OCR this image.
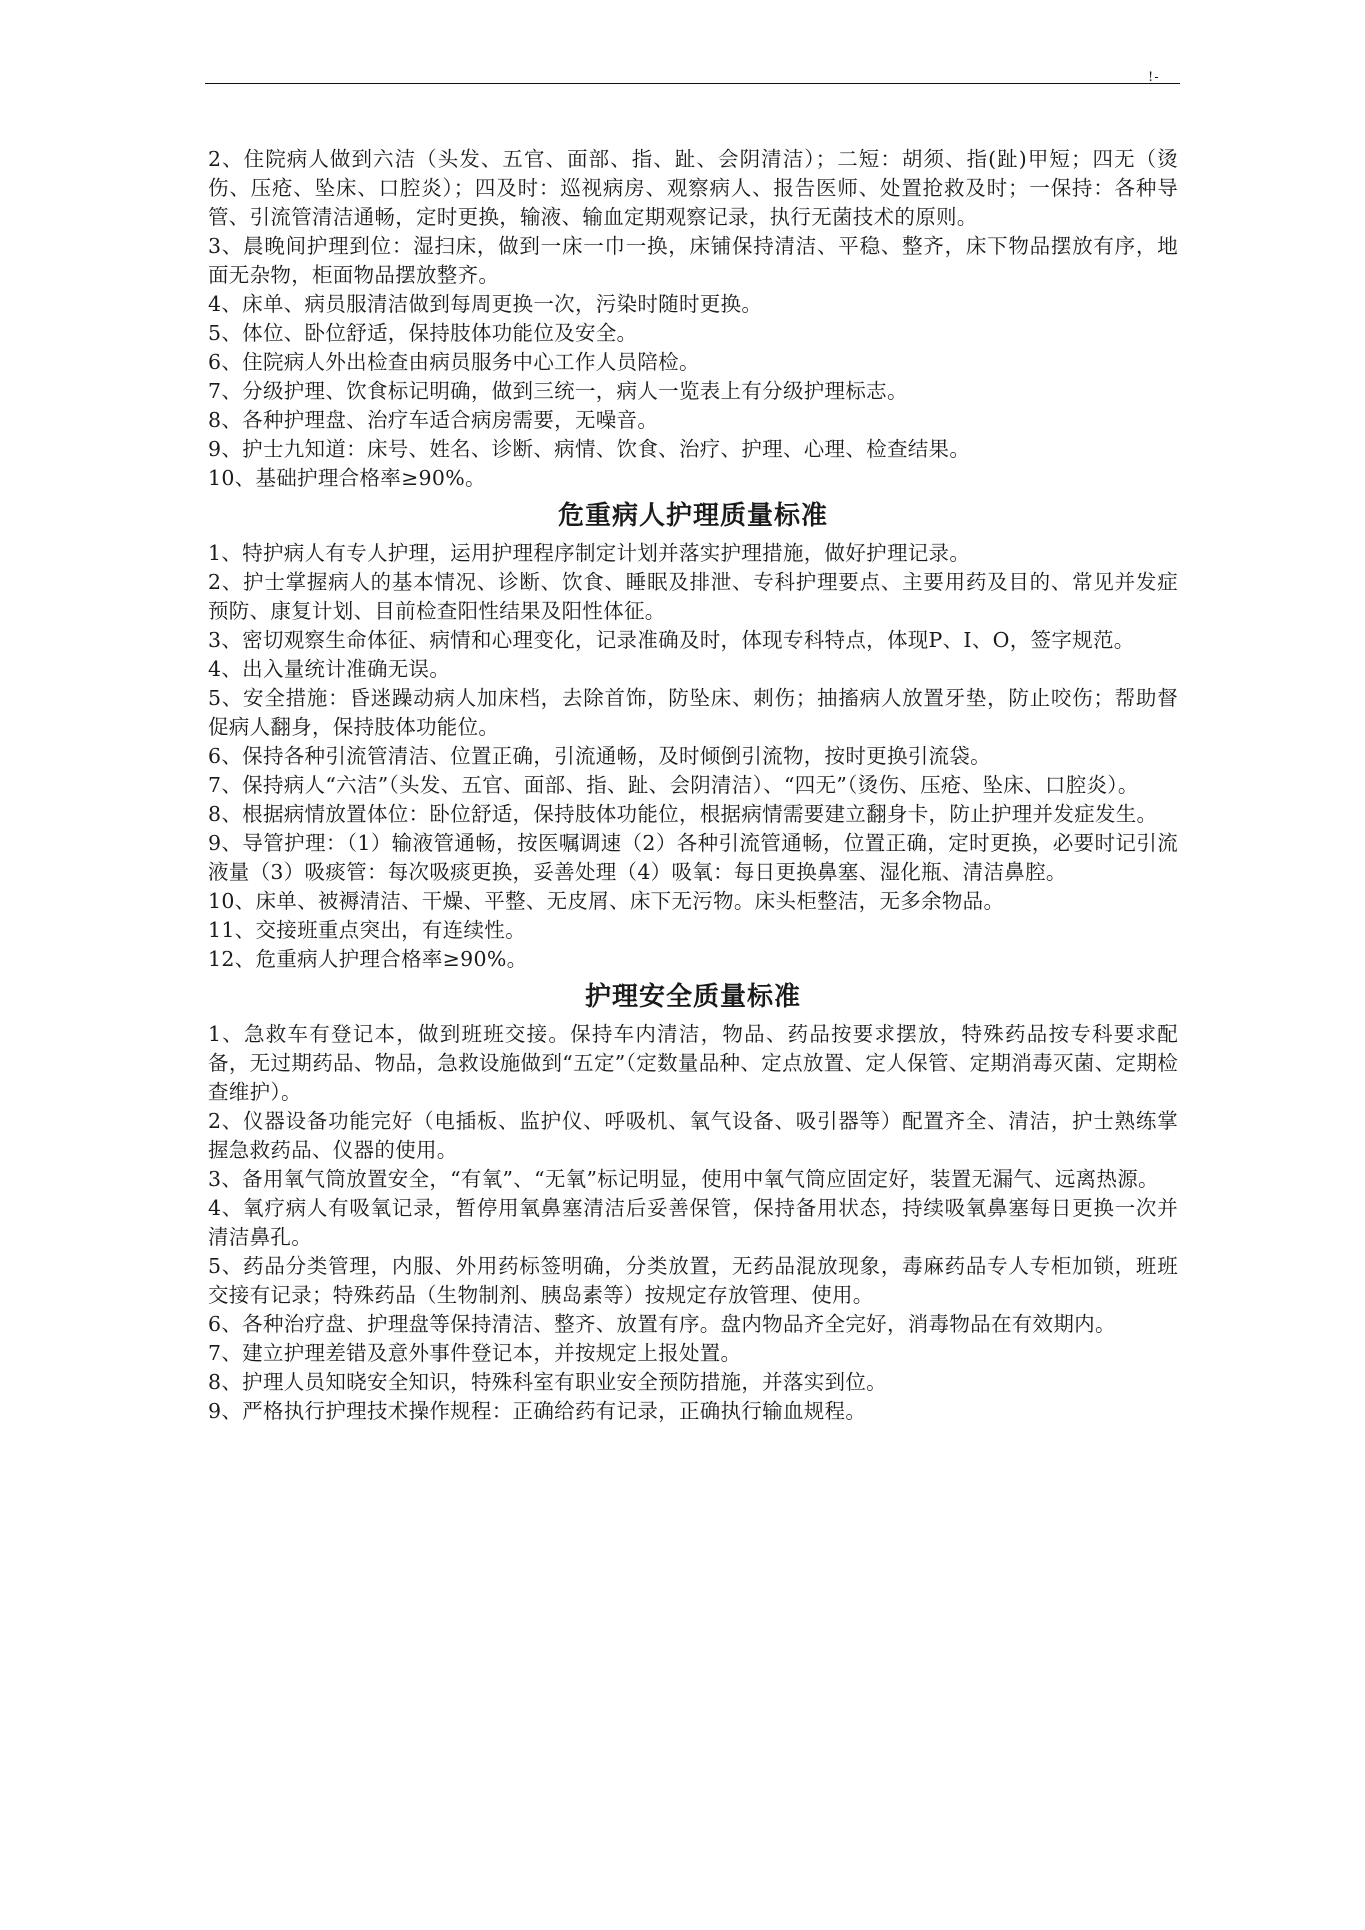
!-

2、住院病人做到六洁（头发、五官、面部、指、趾、会阴清洁）；二短：胡须、指(趾)甲短；四无（烫伤、压疮、坠床、口腔炎）；四及时：巡视病房、观察病人、报告医师、处置抢救及时；一保持：各种导管、引流管清洁通畅，定时更换，输液、输血定期观察记录，执行无菌技术的原则。

3、晨晚间护理到位：湿扫床，做到一床一巾一换，床铺保持清洁、平稳、整齐，床下物品摆放有序，地面无杂物，柜面物品摆放整齐。

4、床单、病员服清洁做到每周更换一次，污染时随时更换。

5、体位、卧位舒适，保持肢体功能位及安全。

6、住院病人外出检查由病员服务中心工作人员陪检。

7、分级护理、饮食标记明确，做到三统一，病人一览表上有分级护理标志。

8、各种护理盘、治疗车适合病房需要，无噪音。

9、护士九知道：床号、姓名、诊断、病情、饮食、治疗、护理、心理、检查结果。

10、基础护理合格率≥90%。

危重病人护理质量标准

1、特护病人有专人护理，运用护理程序制定计划并落实护理措施，做好护理记录。

2、护士掌握病人的基本情况、诊断、饮食、睡眠及排泄、专科护理要点、主要用药及目的、常见并发症预防、康复计划、目前检查阳性结果及阳性体征。

3、密切观察生命体征、病情和心理变化，记录准确及时，体现专科特点，体现P、I、O，签字规范。

4、出入量统计准确无误。

5、安全措施：昏迷躁动病人加床档，去除首饰，防坠床、刺伤；抽搐病人放置牙垫，防止咬伤；帮助督促病人翻身，保持肢体功能位。

6、保持各种引流管清洁、位置正确，引流通畅，及时倾倒引流物，按时更换引流袋。

7、保持病人“六洁”（头发、五官、面部、指、趾、会阴清洁）、“四无”（烫伤、压疮、坠床、口腔炎）。

8、根据病情放置体位：卧位舒适，保持肢体功能位，根据病情需要建立翻身卡，防止护理并发症发生。

9、导管护理：（1）输液管通畅，按医嘱调速（2）各种引流管通畅，位置正确，定时更换，必要时记引流液量（3）吸痰管：每次吸痰更换，妥善处理（4）吸氧：每日更换鼻塞、湿化瓶、清洁鼻腔。

10、床单、被褥清洁、干燥、平整、无皮屑、床下无污物。床头柜整洁，无多余物品。

11、交接班重点突出，有连续性。

12、危重病人护理合格率≥90%。

护理安全质量标准

1、急救车有登记本，做到班班交接。保持车内清洁，物品、药品按要求摆放，特殊药品按专科要求配备，无过期药品、物品，急救设施做到“五定”（定数量品种、定点放置、定人保管、定期消毒灭菌、定期检查维护）。

2、仪器设备功能完好（电插板、监护仪、呼吸机、氧气设备、吸引器等）配置齐全、清洁，护士熟练掌握急救药品、仪器的使用。

3、备用氧气筒放置安全，“有氧”、“无氧”标记明显，使用中氧气筒应固定好，装置无漏气、远离热源。

4、氧疗病人有吸氧记录，暂停用氧鼻塞清洁后妥善保管，保持备用状态，持续吸氧鼻塞每日更换一次并清洁鼻孔。

5、药品分类管理，内服、外用药标签明确，分类放置，无药品混放现象，毒麻药品专人专柜加锁，班班交接有记录；特殊药品（生物制剂、胰岛素等）按规定存放管理、使用。

6、各种治疗盘、护理盘等保持清洁、整齐、放置有序。盘内物品齐全完好，消毒物品在有效期内。

7、建立护理差错及意外事件登记本，并按规定上报处置。

8、护理人员知晓安全知识，特殊科室有职业安全预防措施，并落实到位。

9、严格执行护理技术操作规程：正确给药有记录，正确执行输血规程。
